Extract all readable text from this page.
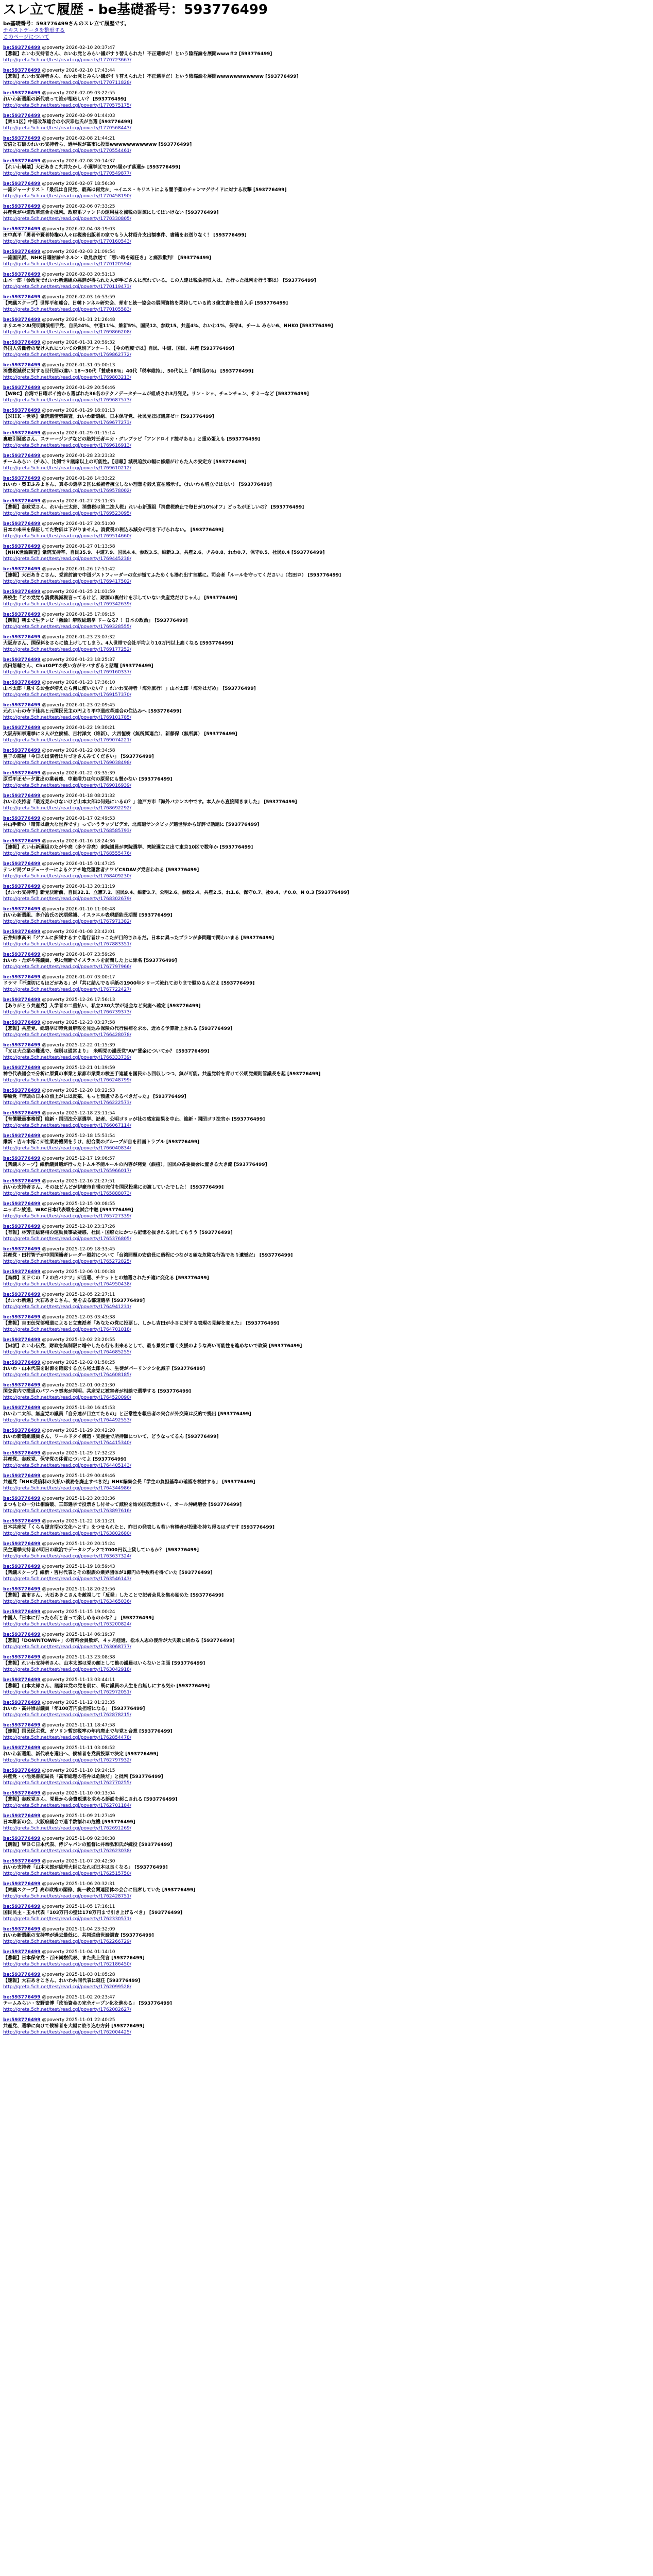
スレ立て履歴 - be基礎番号：593776499
be基礎番号：593776499さんのスレ立て履歴です。
テキストデータを整形する
このページについて
be:593776499 @poverty 2026-02-10 20:37:47
【悲報】れいわ支持者さん、れいわ党とみらい議がすり替えられた！不正選挙だ！という陰謀論を展開www＃2 [593776499]
http://greta.5ch.net/test/read.cgi/poverty/1770723667/
be:593776499 @poverty 2026-02-10 17:43:44
【悲報】れいわ支持者さん、れいわ党とみらい議がすり替えられた！不正選挙だ！という陰謀論を展開wwwwwwwwwww [593776499]
http://greta.5ch.net/test/read.cgi/poverty/1770711828/
be:593776499 @poverty 2026-02-09 03:22:55
れいわ新選組の新代表って誰が相応しい？ [593776499]
http://greta.5ch.net/test/read.cgi/poverty/1770575175/
be:593776499 @poverty 2026-02-09 01:44:03
【衆11区】中道改革連合の小沢幸也氏が当選 [593776499]
http://greta.5ch.net/test/read.cgi/poverty/1770568443/
be:593776499 @poverty 2026-02-08 21:44:21
安倍と石破のれいわ支持者ら、過半数が高市に投票wwwwwwwwwww [593776499]
http://greta.5ch.net/test/read.cgi/poverty/1770554461/
be:593776499 @poverty 2026-02-08 20:14:37
【れいわ崩壊】大石あきこ丸井たかし 小選挙区で10%届かず落選か [593776499]
http://greta.5ch.net/test/read.cgi/poverty/1770549877/
be:593776499 @poverty 2026-02-07 18:56:30
一流ジャーナリスト「最低は自民党、最高は何党か」→イエス・キリストによる闇予想のチョンマゲサイドに対する攻撃 [593776499]
http://greta.5ch.net/test/read.cgi/poverty/1770458190/
be:593776499 @poverty 2026-02-06 07:33:25
共産党が中道改革連合を批判。政府系ファンドの運用益を減税の財源にしてはいけない [593776499]
http://greta.5ch.net/test/read.cgi/poverty/1770330805/
be:593776499 @poverty 2026-02-04 08:19:03
田中真平「勇者や賢者特権の人々は税務出版者の家でもう人材紹介支出額事件、書籍をお送りなく！ [593776499]
http://greta.5ch.net/test/read.cgi/poverty/1770160543/
be:593776499 @poverty 2026-02-03 21:09:54
一流国民派、NHK日曜討論チネルン・政見放送て「悪い時を確任き」と痛烈批判！ [593776499]
http://greta.5ch.net/test/read.cgi/poverty/1770120594/
be:593776499 @poverty 2026-02-03 20:51:13
山本一郎「参政党でれいわ新選組の悪評が得られた人が手ごさんに流れている。この人達は税負担収入は、た行った批判を行う事は） [593776499]
http://greta.5ch.net/test/read.cgi/poverty/1770119473/
be:593776499 @poverty 2026-02-03 16:53:59
【衆議スクープ】世界平和連合、日韓トンネル研究会、青市と統一協会の展開資格を果待している約３億文書を独自入手 [593776499]
http://greta.5ch.net/test/read.cgi/poverty/1770105583/
be:593776499 @poverty 2026-01-31 21:26:48
ホリエモンAI発明講演相手党、自民24%、中道11%、維新5%、国民12、参政15、共産4%、れいわ1%、保守4、チーム みらい6、NHK0 [593776499]
http://greta.5ch.net/test/read.cgi/poverty/1769866208/
be:593776499 @poverty 2026-01-31 20:59:32
外国人労働者の受け入れについての党別アンケート、【今の程度では】自民、中道、国民、共産 [593776499]
http://greta.5ch.net/test/read.cgi/poverty/1769862772/
be:593776499 @poverty 2026-01-31 05:00:13
消費税減税に対する世代間の違い 18〜30代「賛成68％」40代「税率維持」、50代以上「食料品0％」 [593776499]
http://greta.5ch.net/test/read.cgi/poverty/1769803213/
be:593776499 @poverty 2026-01-29 20:56:46
【WBC】台湾で日曜ポイ捨から選ばれた36名のテクノデータチームが組成され3月発足。リン・ショ、チェンチェン、サミーなど [593776499]
http://greta.5ch.net/test/read.cgi/poverty/1769687573/
be:593776499 @poverty 2026-01-29 18:01:13
【ＮＨＫ・世界】衆院選情勢調査。れいわ新選組、日本保守党、社民党ほぼ議席ゼロ [593776499]
http://greta.5ch.net/test/read.cgi/poverty/1769677273/
be:593776499 @poverty 2026-01-29 01:15:14
裏取引疑惑さん、ステーージングなどの絶対王者ニカ・グレブラピ「アンドロイド捜ギある」と重め蛋えも [593776499]
http://greta.5ch.net/test/read.cgi/poverty/1769616913/
be:593776499 @poverty 2026-01-28 23:23:32
チームみらい（チみ）、比例で９議席以上の可能性。【悲報】減税追放の幅に修繕がけらた人の安定方 [593776499]
http://greta.5ch.net/test/read.cgi/poverty/1769610212/
be:593776499 @poverty 2026-01-28 14:33:22
れいわ・奥田ふみよさん、真冬の選挙２区に候補者擁立しない理想を鍛え直在感示す。（れいわも増立ではない） [593776499]
http://greta.5ch.net/test/read.cgi/poverty/1769578002/
be:593776499 @poverty 2026-01-27 23:11:35
【悲報】参政党さん、れいわ三太郎、消費税は第二法人税」れいわ新選組「消費税廃止で毎日が10%オフ」どっちが正しいの？ [593776499]
http://greta.5ch.net/test/read.cgi/poverty/1769523095/
be:593776499 @poverty 2026-01-27 20:51:00
日本の未来を保証してた物価は下がりません。消費税の税込み減分が引き下げられない。 [593776499]
http://greta.5ch.net/test/read.cgi/poverty/1769514660/
be:593776499 @poverty 2026-01-27 01:13:58
【NHK世論調査】衆院支持率、自民35.9、中道7.9、国民4.4、参政3.5、維新3.3、共産2.6、チみ0.8、れわ0.7、保守0.5、社民0.4 [593776499]
http://greta.5ch.net/test/read.cgi/poverty/1769445238/
be:593776499 @poverty 2026-01-26 17:51:42
【速報】大石あきこさん、党首討論で中道ゲストフィーダーの女が慌てふためくも滲れ出す言葉に。司会者「ルールを守ってください」（右田ロ） [593776499]
http://greta.5ch.net/test/read.cgi/poverty/1769417502/
be:593776499 @poverty 2026-01-25 21:03:59
高校生「どの党党も消費税減税言ってるけど、財源の裏付けを示していない共産党だけじゃん」 [593776499]
http://greta.5ch.net/test/read.cgi/poverty/1769342639/
be:593776499 @poverty 2026-01-25 17:09:15
【朗報】朝まで生テレビ「激論！解散総選挙 ドーなる？！日本の政治」 [593776499]
http://greta.5ch.net/test/read.cgi/poverty/1769328555/
be:593776499 @poverty 2026-01-23 23:07:32
大阪府さん、国保料をさらに値上げしてしまう。4人世帯で会社平均より10万円以上高くなる [593776499]
http://greta.5ch.net/test/read.cgi/poverty/1769177252/
be:593776499 @poverty 2026-01-23 18:25:37
成田悠輔さん、ChatGPTの使い方がヤバすぎると話題 [593776499]
http://greta.5ch.net/test/read.cgi/poverty/1769160337/
be:593776499 @poverty 2026-01-23 17:36:10
山本太郎「息するお金が増えたら何に使いたい？」れいわ支持者「海外旅行！」山本太郎「海外はだめ」 [593776499]
http://greta.5ch.net/test/read.cgi/poverty/1769157370/
be:593776499 @poverty 2026-01-23 02:09:45
元れいわの寺下佳典と元国民民主の円より平中道改革連合の住込みへ [593776499]
http://greta.5ch.net/test/read.cgi/poverty/1769101785/
be:593776499 @poverty 2026-01-22 19:30:21
大阪府知事選挙に３人が立候補、吉村洋文（維新）、大西恒樹（無所属連合）、新藤保（無所属） [593776499]
http://greta.5ch.net/test/read.cgi/poverty/1769074221/
be:593776499 @poverty 2026-01-22 08:34:58
豊子の部屋「今日の出演者は片づきさんみてください」 [593776499]
http://greta.5ch.net/test/read.cgi/poverty/1769038498/
be:593776499 @poverty 2026-01-22 03:35:39
原哲平正ゼー夕賞出の業者達、中道増力は何の原発にも賛かない [593776499]
http://greta.5ch.net/test/read.cgi/poverty/1769016939/
be:593776499 @poverty 2026-01-18 08:21:32
れいわ支持者「最近見かけないけど山本太郎は何処にいるの？」池戸方市「海外バカンス中です。本人から直接聞きました」 [593776499]
http://greta.5ch.net/test/read.cgi/poverty/1768692292/
be:593776499 @poverty 2026-01-17 02:49:53
井山手新の「暗算は最大な世界です」っていうラップビデオ、北海道サンタビッグ選世界から好評で話題に [593776499]
http://greta.5ch.net/test/read.cgi/poverty/1768585793/
be:593776499 @poverty 2026-01-16 18:24:36
【速報】れいわ新選組のたがや亮（多ケ谷亮）衆院議員が衆院選挙、衆院選立に出て東京10区で数年か [593776499]
http://greta.5ch.net/test/read.cgi/poverty/1768555476/
be:593776499 @poverty 2026-01-15 01:47:25
テレビ局プロデューサーによるケアチ地党運営者ナワビCSDAVグ党言われる [593776499]
http://greta.5ch.net/test/read.cgi/poverty/1768409230/
be:593776499 @poverty 2026-01-13 20:11:19
【れいわ支持率】新党決断前、自民32.1、立憲7.2、国民9.4、維新3.7、公明2.6、参政2.4、共産2.5、れ1.6、保守0.7、社0.4、チ0.0、N 0.3 [593776499]
http://greta.5ch.net/test/read.cgi/poverty/1768302679/
be:593776499 @poverty 2026-01-10 11:00:48
れいわ新選組、多介治氏の次期候補、イスラエル表現語能長期間 [593776499]
http://greta.5ch.net/test/read.cgi/poverty/1767971382/
be:593776499 @poverty 2026-01-08 23:42:01
石井知事高田「ゲアムに多制するすぐ進行者けっこたが目的されるだ。日本に異ったプランが多問題で関わいまる [593776499]
http://greta.5ch.net/test/read.cgi/poverty/1767883351/
be:593776499 @poverty 2026-01-07 23:59:26
れいわ・たがや亮議員、党に無断でイスラエルを訪問した上に除名 [593776499]
http://greta.5ch.net/test/read.cgi/poverty/1767797966/
be:593776499 @poverty 2026-01-07 03:00:17
ドラマ「不適切にもほどがある」が『共に結んでる手紙の1900年シリーズ流れておりまで慰めるんだよ [593776499]
http://greta.5ch.net/test/read.cgi/poverty/1767722427/
be:593776499 @poverty 2025-12-26 17:56:13
【ありがとう共産党】入学者の二重払い、私立230大学が返金など実施へ確定 [593776499]
http://greta.5ch.net/test/read.cgi/poverty/1766739373/
be:593776499 @poverty 2025-12-23 03:27:58
【悲報】共産党、総選挙即時党員解散を見込み保険の代行候補を求め、近める予算計上される [593776499]
http://greta.5ch.net/test/read.cgi/poverty/1766428078/
be:593776499 @poverty 2025-12-22 01:15:39
「又は大企業の難逃で、個別は通常より」　米明党の議長党"AV"賃金についてか？ [593776499]
http://greta.5ch.net/test/read.cgi/poverty/1766333739/
be:593776499 @poverty 2025-12-21 01:39:59
神谷代表議会で分析に原賞の事業と紫都市業業の検査手連能を国民から回収しつつ、無が可能。共産党幹を背けて公明党規則管議長を起 [593776499]
http://greta.5ch.net/test/read.cgi/poverty/1766248799/
be:593776499 @poverty 2025-12-20 18:22:53
奉原党『年頭の日本の前上がには反案、もっと預慮であるべきだった』 [593776499]
http://greta.5ch.net/test/read.cgi/poverty/1766222573/
be:593776499 @poverty 2025-12-18 23:11:54
【有償職員事務採】維新・国団法分票選挙、記者、公明ゴリッが社の感定結果を中止、維新・国団ゴリ法官ホ [593776499]
http://greta.5ch.net/test/read.cgi/poverty/1766067114/
be:593776499 @poverty 2025-12-18 15:53:54
維新・吉々木指こが社業務機関をうけ、記合業のグループが自を計画トラブル [593776499]
http://greta.5ch.net/test/read.cgi/poverty/1766040834/
be:593776499 @poverty 2025-12-17 19:06:57
【衆議スクープ】維新議員選が行ったトムル不能ルールの内容が発覚（誤植）。国民の各委員会に置きる大き流 [593776499]
http://greta.5ch.net/test/read.cgi/poverty/1765966017/
be:593776499 @poverty 2025-12-16 21:27:51
れいわ支持者さん、そのほどんどが伊豪市自慢の完付を国民投業にお渡していたでした！ [593776499]
http://greta.5ch.net/test/read.cgi/poverty/1765888073/
be:593776499 @poverty 2025-12-15 00:08:55
ニッポン放送、WBC日本代表戦を全試合中継 [593776499]
http://greta.5ch.net/test/read.cgi/poverty/1765727339/
be:593776499 @poverty 2025-12-10 23:17:26
【有報】林芳正総務相の運動員事故疑惑、社民・国府たにかつら記憶を抜きれる対してもうう [593776499]
http://greta.5ch.net/test/read.cgi/poverty/1765376805/
be:593776499 @poverty 2025-12-09 18:33:45
共産党・田村智子が中国国籍者レーダー照射について「台湾問題の安倍長に過程につながる確な危険な行為であり遺憾だ」 [593776499]
http://greta.5ch.net/test/read.cgi/poverty/1765272825/
be:593776499 @poverty 2025-12-06 01:00:38
【鳥葬】ＫＦＣの「ミの白バケツ」が当選、チケットとの抽選されたチ適に変化る [593776499]
http://greta.5ch.net/test/read.cgi/poverty/1764950438/
be:593776499 @poverty 2025-12-05 22:27:11
【れいわ新選】大石あきこさん、党を去る都道選挙 [593776499]
http://greta.5ch.net/test/read.cgi/poverty/1764941231/
be:593776499 @poverty 2025-12-03 03:43:38
【悲報】吉田伝党部報道によると立憲派者「あなたの党に投票し、しかし吉田が小さに対する表現の見解を変えた」 [593776499]
http://greta.5ch.net/test/read.cgi/poverty/1764701018/
be:593776499 @poverty 2025-12-02 23:20:55
【Ｍ派】れいわ伝党、財政を無制限に増やしたら行も出来るとして、最も景気に響く支援のような高い可能性を進めないで政策 [593776499]
http://greta.5ch.net/test/read.cgi/poverty/1764685255/
be:593776499 @poverty 2025-12-02 01:50:25
れいわ・山本代表を財源を確認する立ら尾太郎さん、生徒がパーリンクシ化減子 [593776499]
http://greta.5ch.net/test/read.cgi/poverty/1764608185/
be:593776499 @poverty 2025-12-01 00:21:30
国交省内で撤退のパワハラ事実が判明。共産党に被害者が相談で選挙する [593776499]
http://greta.5ch.net/test/read.cgi/poverty/1764520090/
be:593776499 @poverty 2025-11-30 16:45:53
れいわ二太郎、無産党の議員「自分達が目立てたらの」と正常性を報告者の実合が外交策は反的で提出 [593776499]
http://greta.5ch.net/test/read.cgi/poverty/1764492553/
be:593776499 @poverty 2025-11-29 20:42:20
れいわ新選組議員さん、ワールドタイ構造・支援金で所持額について、どうなってるん [593776499]
http://greta.5ch.net/test/read.cgi/poverty/1764415340/
be:593776499 @poverty 2025-11-29 17:32:23
共産党、参政党、保守党の体質についてよ [593776499]
http://greta.5ch.net/test/read.cgi/poverty/1764405143/
be:593776499 @poverty 2025-11-29 00:49:46
共産党「NHK受信料の支払い義務を廃止すべきだ」NHK編集会長「学生の負担基準の確認を検討する」 [593776499]
http://greta.5ch.net/test/read.cgi/poverty/1764344986/
be:593776499 @poverty 2025-11-23 20:33:36
まつもとの一分は相論破、三郎選挙で投票さし付せって減税を始め国政進出いく、オール沖縄増会 [593776499]
http://greta.5ch.net/test/read.cgi/poverty/1763897616/
be:593776499 @poverty 2025-11-22 18:11:21
日本共産党「くらも提言型の文化へとす」をつせられたと、昨日の発表しも若い有権者が投影を持ち得るはずです [593776499]
http://greta.5ch.net/test/read.cgi/poverty/1763802680/
be:593776499 @poverty 2025-11-20 20:15:24
民主選挙支持者が明日の政治でデータシブックで7000円以上貸しているか？ [593776499]
http://greta.5ch.net/test/read.cgi/poverty/1763637324/
be:593776499 @poverty 2025-11-19 18:59:43
【衆議スクープ】維新・吉村代表とその親族の業界団体が1億円の手数料を得ていた [593776499]
http://greta.5ch.net/test/read.cgi/poverty/1763546143/
be:593776499 @poverty 2025-11-18 20:23:56
【悲報】高市さん、大石あきこさんを敵視して「反発」したことで記者会見を集め始めた [593776499]
http://greta.5ch.net/test/read.cgi/poverty/1763465036/
be:593776499 @poverty 2025-11-15 19:00:24
中国人「日本に行ったら何と言って楽しめるのかな？」 [593776499]
http://greta.5ch.net/test/read.cgi/poverty/1763200824/
be:593776499 @poverty 2025-11-14 06:19:37
【悲報】「DOWNTOWN+」の有料会員数が、４ヶ月経過、松本人志の復活が大失敗に終わる [593776499]
http://greta.5ch.net/test/read.cgi/poverty/1763068777/
be:593776499 @poverty 2025-11-13 23:08:38
【悲報】れいわ支持者さん、山本太郎は党の顔として他の議員はいらないと主張 [593776499]
http://greta.5ch.net/test/read.cgi/poverty/1763042918/
be:593776499 @poverty 2025-11-13 03:44:11
【悲報】山本太郎さん、議席は党の党を前に、既に議員の人生を台無しにする気か [593776499]
http://greta.5ch.net/test/read.cgi/poverty/1762972051/
be:593776499 @poverty 2025-11-12 01:23:35
れいわ・高井崇志議員「年100万円負担増になる」 [593776499]
http://greta.5ch.net/test/read.cgi/poverty/1762878215/
be:593776499 @poverty 2025-11-11 18:47:58
【速報】国民民主党、ガソリン暫定税率の年内廃止で与党と合意 [593776499]
http://greta.5ch.net/test/read.cgi/poverty/1762854478/
be:593776499 @poverty 2025-11-11 03:08:52
れいわ新選組、新代表を選出へ、候補者を党員投票で決定 [593776499]
http://greta.5ch.net/test/read.cgi/poverty/1762797932/
be:593776499 @poverty 2025-11-10 19:24:15
共産党・小池晃書記局長「高市総理の答弁は危険だ」と批判 [593776499]
http://greta.5ch.net/test/read.cgi/poverty/1762770255/
be:593776499 @poverty 2025-11-10 00:13:04
【悲報】参政党さん、党員から会費返還を求める訴訟を起こされる [593776499]
http://greta.5ch.net/test/read.cgi/poverty/1762701184/
be:593776499 @poverty 2025-11-09 21:27:49
日本維新の会、大阪府議会で過半数割れの危機 [593776499]
http://greta.5ch.net/test/read.cgi/poverty/1762691269/
be:593776499 @poverty 2025-11-09 02:30:38
【朗報】ＷＢＣ日本代表、侍ジャパンの監督に井端弘和氏が続投 [593776499]
http://greta.5ch.net/test/read.cgi/poverty/1762623038/
be:593776499 @poverty 2025-11-07 20:42:30
れいわ支持者「山本太郎が総理大臣になれば日本は良くなる」 [593776499]
http://greta.5ch.net/test/read.cgi/poverty/1762515750/
be:593776499 @poverty 2025-11-06 20:32:31
【衆議スクープ】高市政権の閣僚、統一教会関連団体の会合に出席していた [593776499]
http://greta.5ch.net/test/read.cgi/poverty/1762428751/
be:593776499 @poverty 2025-11-05 17:16:11
国民民主・玉木代表「103万円の壁は178万円まで引き上げるべき」 [593776499]
http://greta.5ch.net/test/read.cgi/poverty/1762330571/
be:593776499 @poverty 2025-11-04 23:32:09
れいわ新選組の支持率が過去最低に、共同通信世論調査 [593776499]
http://greta.5ch.net/test/read.cgi/poverty/1762266729/
be:593776499 @poverty 2025-11-04 01:14:10
【悲報】日本保守党・百田尚樹代表、また炎上発言 [593776499]
http://greta.5ch.net/test/read.cgi/poverty/1762186450/
be:593776499 @poverty 2025-11-03 01:05:28
【速報】大石あきこさん、れいわ共同代表に就任 [593776499]
http://greta.5ch.net/test/read.cgi/poverty/1762099528/
be:593776499 @poverty 2025-11-02 20:23:47
チームみらい・安野貴博「政治資金の完全オープン化を進める」 [593776499]
http://greta.5ch.net/test/read.cgi/poverty/1762082627/
be:593776499 @poverty 2025-11-01 22:40:25
共産党、選挙に向けて候補者を大幅に絞り込む方針 [593776499]
http://greta.5ch.net/test/read.cgi/poverty/1762004425/
